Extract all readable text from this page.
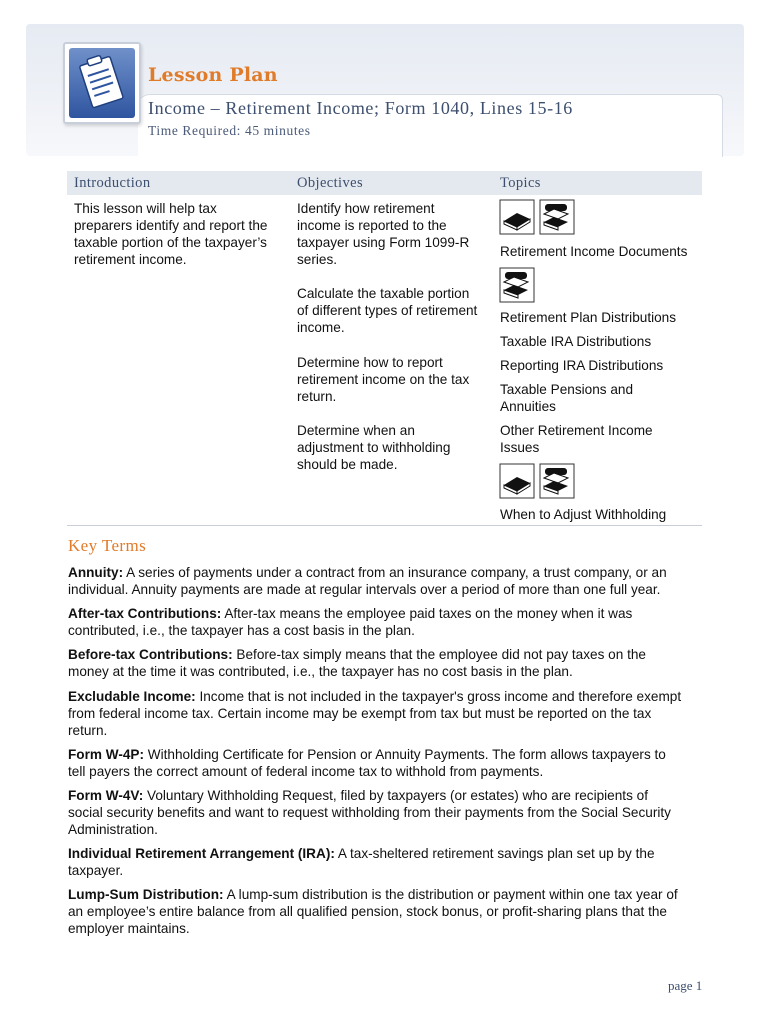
Lesson Plan
Income – Retirement Income; Form 1040, Lines 15-16
Time Required: 45 minutes
Introduction	Objectives	Topics
This lesson will help tax
preparers identify and report the
taxable portion of the taxpayer’s
retirement income.
Identify how retirement
income is reported to the
taxpayer using Form 1099-R
series.
Calculate the taxable portion
of different types of retirement
income.
Determine how to report
retirement income on the tax
return.
Determine when an
adjustment to withholding
should be made.
Retirement Income Documents
Retirement Plan Distributions
Taxable IRA Distributions
Reporting IRA Distributions
Taxable Pensions and
Annuities
Other Retirement Income
Issues
When to Adjust Withholding
Key Terms
Annuity: A series of payments under a contract from an insurance company, a trust company, or an
individual. Annuity payments are made at regular intervals over a period of more than one full year.
After-tax Contributions: After-tax means the employee paid taxes on the money when it was
contributed, i.e., the taxpayer has a cost basis in the plan.
Before-tax Contributions: Before-tax simply means that the employee did not pay taxes on the
money at the time it was contributed, i.e., the taxpayer has no cost basis in the plan.
Excludable Income: Income that is not included in the taxpayer's gross income and therefore exempt
from federal income tax. Certain income may be exempt from tax but must be reported on the tax
return.
Form W-4P: Withholding Certificate for Pension or Annuity Payments. The form allows taxpayers to
tell payers the correct amount of federal income tax to withhold from payments.
Form W-4V: Voluntary Withholding Request, filed by taxpayers (or estates) who are recipients of
social security benefits and want to request withholding from their payments from the Social Security
Administration.
Individual Retirement Arrangement (IRA): A tax-sheltered retirement savings plan set up by the
taxpayer.
Lump-Sum Distribution: A lump-sum distribution is the distribution or payment within one tax year of
an employee’s entire balance from all qualified pension, stock bonus, or profit-sharing plans that the
employer maintains.
page 1
